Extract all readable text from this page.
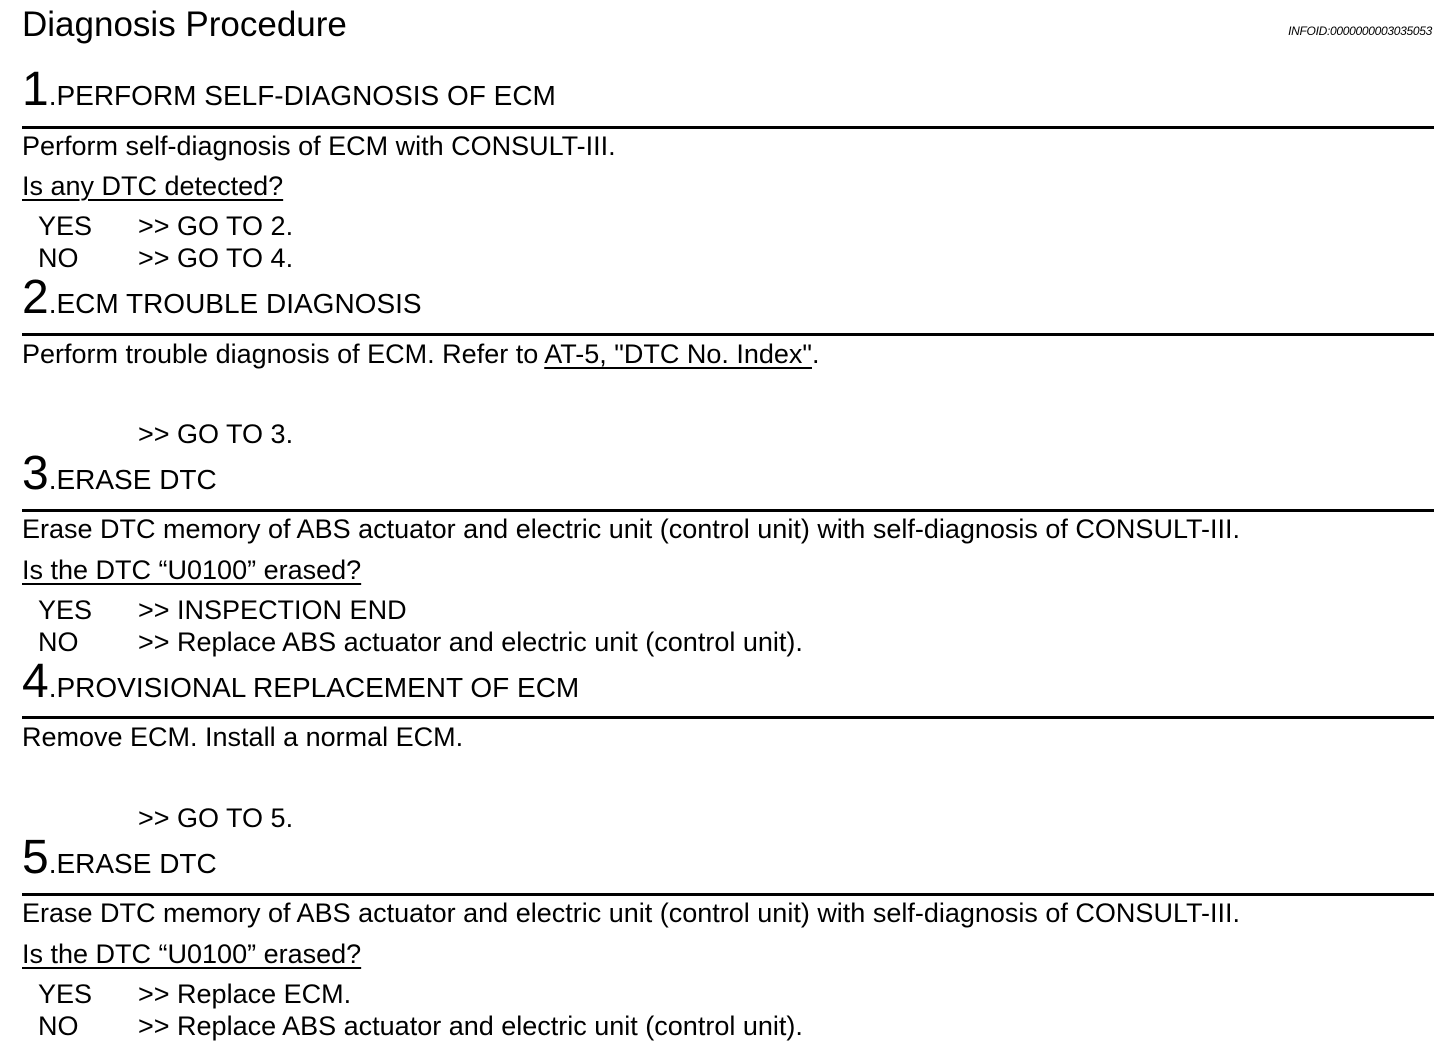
Diagnosis Procedure	INFOID:0000000003035053
1.PERFORM SELF-DIAGNOSIS OF ECM
Perform self-diagnosis of ECM with CONSULT-III.
Is any DTC detected?
YES >> GO TO 2.
NO >> GO TO 4.
2.ECM TROUBLE DIAGNOSIS
Perform trouble diagnosis of ECM. Refer to AT-5, "DTC No. Index".
>> GO TO 3.
3.ERASE DTC
Erase DTC memory of ABS actuator and electric unit (control unit) with self-diagnosis of CONSULT-III.
Is the DTC “U0100” erased?
YES >> INSPECTION END
NO >> Replace ABS actuator and electric unit (control unit).
4.PROVISIONAL REPLACEMENT OF ECM
Remove ECM. Install a normal ECM.
>> GO TO 5.
5.ERASE DTC
Erase DTC memory of ABS actuator and electric unit (control unit) with self-diagnosis of CONSULT-III.
Is the DTC “U0100” erased?
YES >> Replace ECM.
NO >> Replace ABS actuator and electric unit (control unit).
